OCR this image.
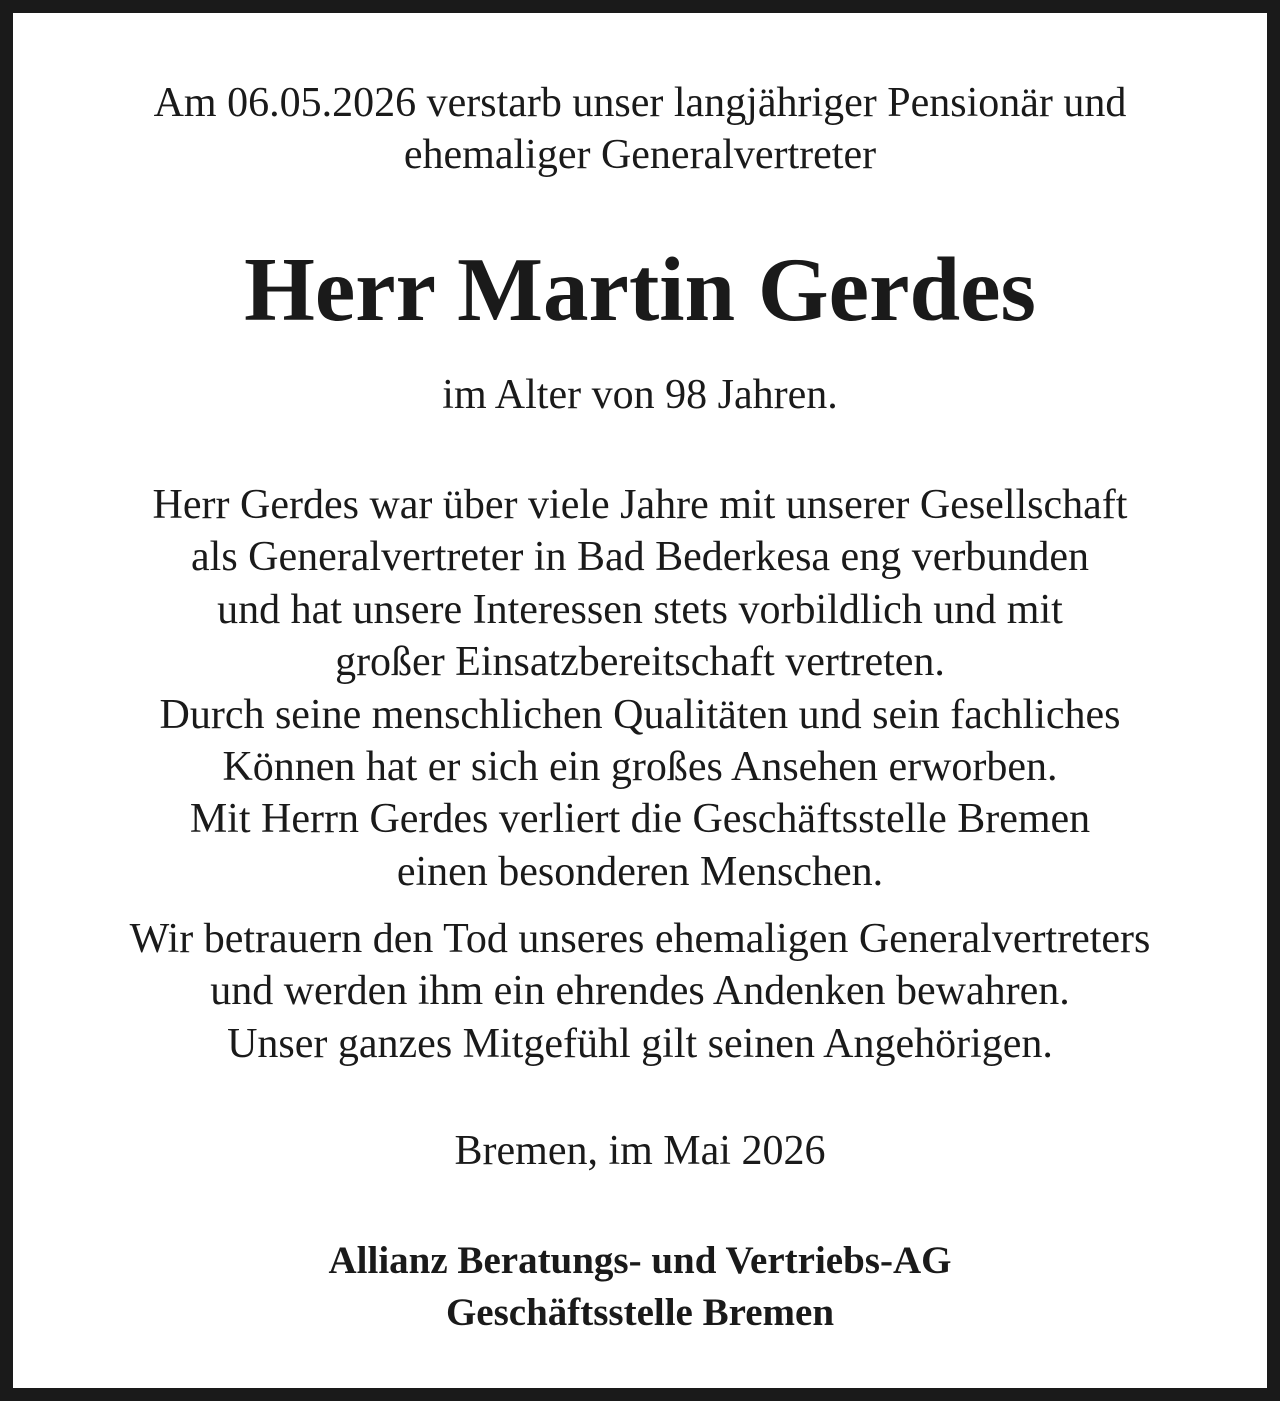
Am 06.05.2026 verstarb unser langjähriger Pensionär und
ehemaliger Generalvertreter

Herr Martin Gerdes

im Alter von 98 Jahren.

Herr Gerdes war über viele Jahre mit unserer Gesellschaft
als Generalvertreter in Bad Bederkesa eng verbunden
und hat unsere Interessen stets vorbildlich und mit
großer Einsatzbereitschaft vertreten.
Durch seine menschlichen Qualitäten und sein fachliches
Können hat er sich ein großes Ansehen erworben.
Mit Herrn Gerdes verliert die Geschäftsstelle Bremen
einen besonderen Menschen.

Wir betrauern den Tod unseres ehemaligen Generalvertreters
und werden ihm ein ehrendes Andenken bewahren.
Unser ganzes Mitgefühl gilt seinen Angehörigen.

Bremen, im Mai 2026

Allianz Beratungs- und Vertriebs-AG
Geschäftsstelle Bremen
